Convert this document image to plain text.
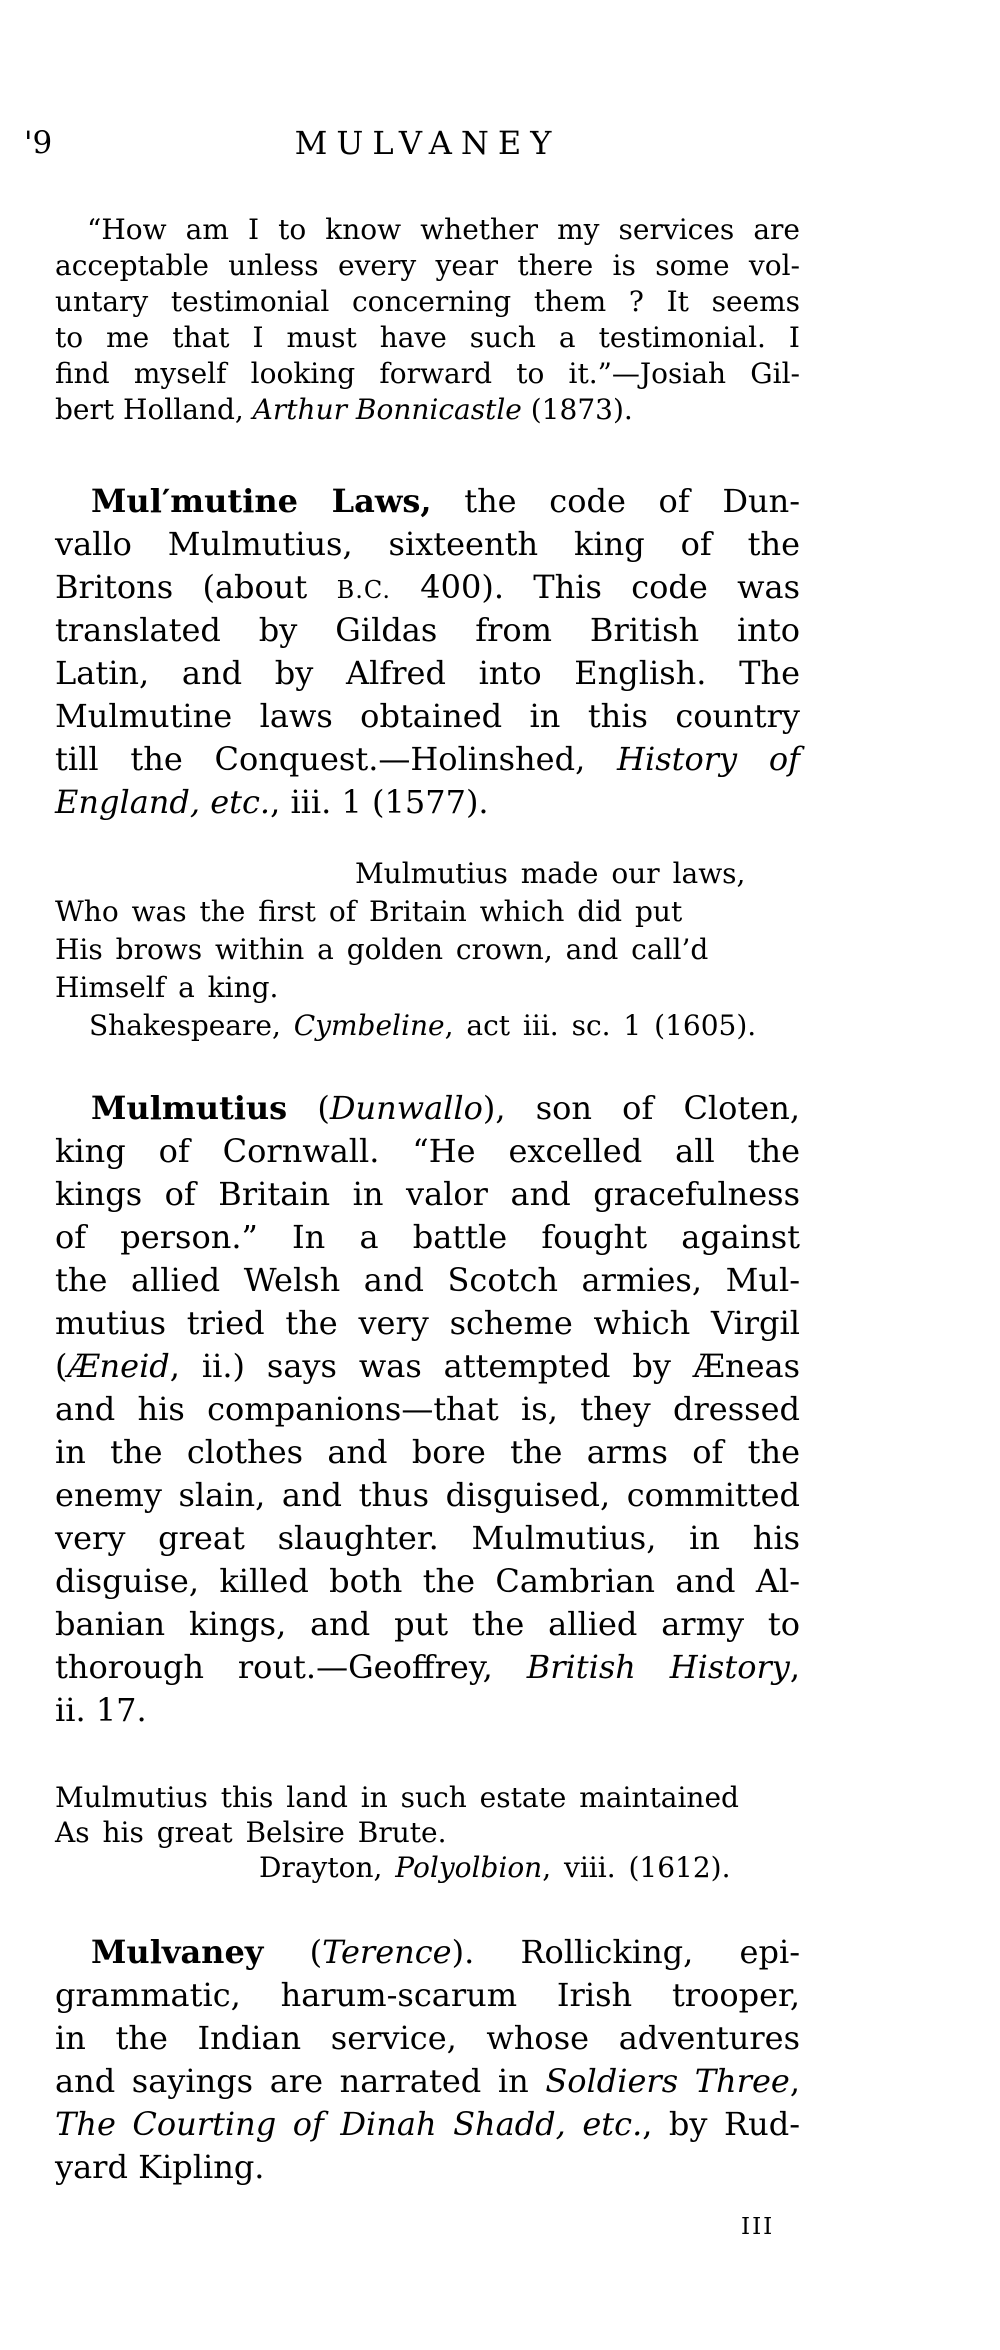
'9	MULVANEY
“How am I to know whether my services are
acceptable unless every year there is some vol-
untary testimonial concerning them ? It seems
to me that I must have such a testimonial. I
find myself looking forward to it.”—Josiah Gil-
bert Holland, Arthur Bonnicastle (1873).
Mul′mutine Laws, the code of Dun-
vallo Mulmutius, sixteenth king of the
Britons (about B.C. 400). This code was
translated by Gildas from British into
Latin, and by Alfred into English. The
Mulmutine laws obtained in this country
till the Conquest.—Holinshed, History of
England, etc., iii. 1 (1577).
Mulmutius made our laws,
Who was the first of Britain which did put
His brows within a golden crown, and call’d
Himself a king.
Shakespeare, Cymbeline, act iii. sc. 1 (1605).
Mulmutius (Dunwallo), son of Cloten,
king of Cornwall. “He excelled all the
kings of Britain in valor and gracefulness
of person.” In a battle fought against
the allied Welsh and Scotch armies, Mul-
mutius tried the very scheme which Virgil
(Æneid, ii.) says was attempted by Æneas
and his companions—that is, they dressed
in the clothes and bore the arms of the
enemy slain, and thus disguised, committed
very great slaughter. Mulmutius, in his
disguise, killed both the Cambrian and Al-
banian kings, and put the allied army to
thorough rout.—Geoffrey, British History,
ii. 17.
Mulmutius this land in such estate maintained
As his great Belsire Brute.
Drayton, Polyolbion, viii. (1612).
Mulvaney (Terence). Rollicking, epi-
grammatic, harum-scarum Irish trooper,
in the Indian service, whose adventures
and sayings are narrated in Soldiers Three,
The Courting of Dinah Shadd, etc., by Rud-
yard Kipling.
III
